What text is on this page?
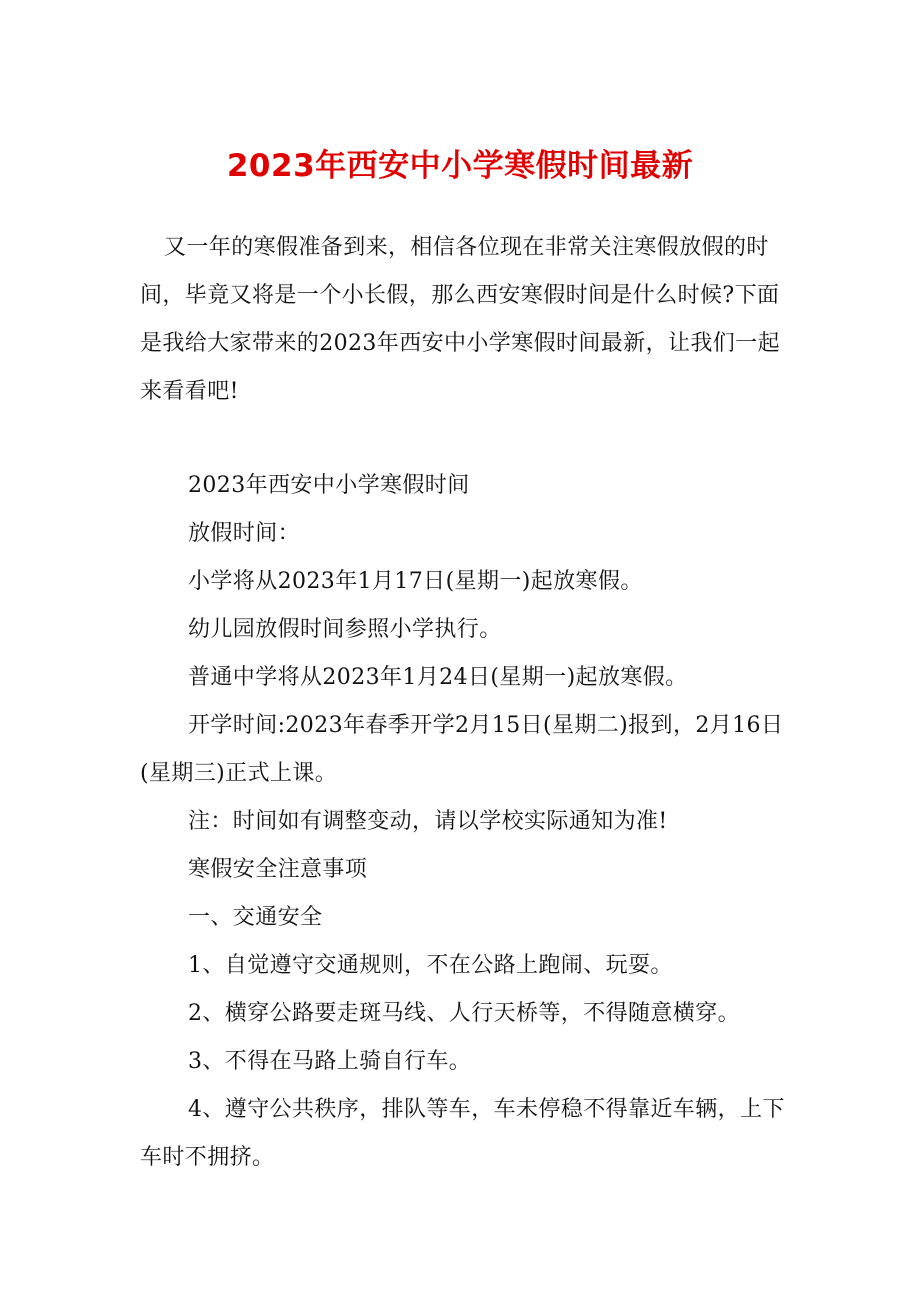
2023年西安中小学寒假时间最新

又一年的寒假准备到来，相信各位现在非常关注寒假放假的时间，毕竟又将是一个小长假，那么西安寒假时间是什么时候?下面是我给大家带来的2023年西安中小学寒假时间最新，让我们一起来看看吧!

2023年西安中小学寒假时间

放假时间：

小学将从2023年1月17日(星期一)起放寒假。

幼儿园放假时间参照小学执行。

普通中学将从2023年1月24日(星期一)起放寒假。

开学时间:2023年春季开学2月15日(星期二)报到，2月16日(星期三)正式上课。

注：时间如有调整变动，请以学校实际通知为准!

寒假安全注意事项

一、交通安全

1、自觉遵守交通规则，不在公路上跑闹、玩耍。

2、横穿公路要走斑马线、人行天桥等，不得随意横穿。

3、不得在马路上骑自行车。

4、遵守公共秩序，排队等车，车未停稳不得靠近车辆，上下车时不拥挤。
